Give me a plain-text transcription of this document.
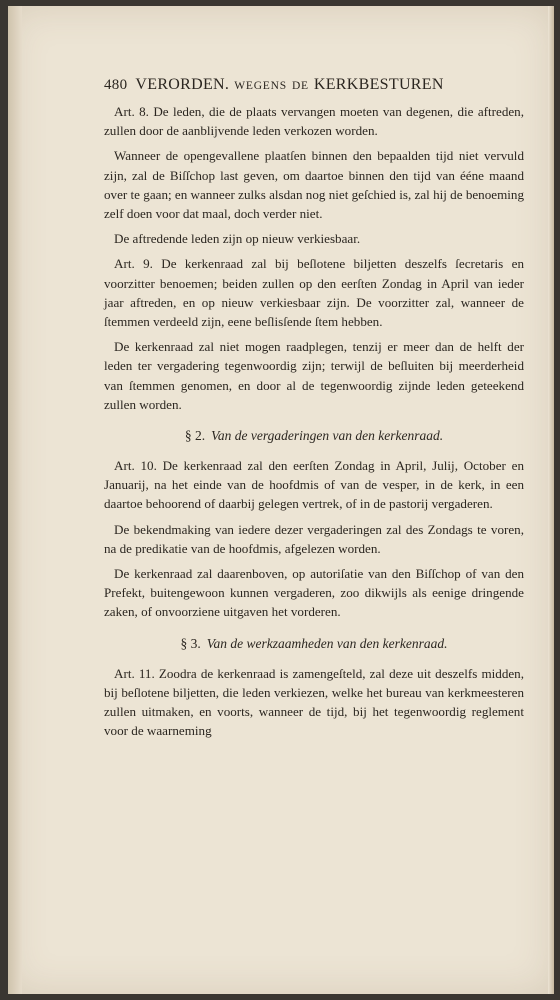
480 VERORDEN. WEGENS DE KERKBESTUREN

Art. 8. De leden, die de plaats vervangen moeten van degenen, die aftreden, zullen door de aanblijvende leden verkozen worden.

Wanneer de opengevallene plaatſen binnen den bepaalden tijd niet vervuld zijn, zal de Biſſchop last geven, om daartoe binnen den tijd van ééne maand over te gaan; en wanneer zulks alsdan nog niet geſchied is, zal hij de benoeming zelf doen voor dat maal, doch verder niet.

De aftredende leden zijn op nieuw verkiesbaar.

Art. 9. De kerkenraad zal bij beſlotene biljetten deszelfs ſecretaris en voorzitter benoemen; beiden zullen op den eerſten Zondag in April van ieder jaar aftreden, en op nieuw verkiesbaar zijn. De voorzitter zal, wanneer de ſtemmen verdeeld zijn, eene beſlisſende ſtem hebben.

De kerkenraad zal niet mogen raadplegen, tenzij er meer dan de helft der leden ter vergadering tegenwoordig zijn; terwijl de beſluiten bij meerderheid van ſtemmen genomen, en door al de tegenwoordig zijnde leden geteekend zullen worden.

§ 2. Van de vergaderingen van den kerkenraad.

Art. 10. De kerkenraad zal den eerſten Zondag in April, Julij, October en Januarij, na het einde van de hoofdmis of van de vesper, in de kerk, in een daartoe behoorend of daarbij gelegen vertrek, of in de pastorij vergaderen.

De bekendmaking van iedere dezer vergaderingen zal des Zondags te voren, na de predikatie van de hoofdmis, afgelezen worden.

De kerkenraad zal daarenboven, op autoriſatie van den Biſſchop of van den Prefekt, buitengewoon kunnen vergaderen, zoo dikwijls als eenige dringende zaken, of onvoorziene uitgaven het vorderen.

§ 3. Van de werkzaamheden van den kerkenraad.

Art. 11. Zoodra de kerkenraad is zamengeſteld, zal deze uit deszelfs midden, bij beſlotene biljetten, die leden verkiezen, welke het bureau van kerkmeesteren zullen uitmaken, en voorts, wanneer de tijd, bij het tegenwoordig reglement voor de waarneming
